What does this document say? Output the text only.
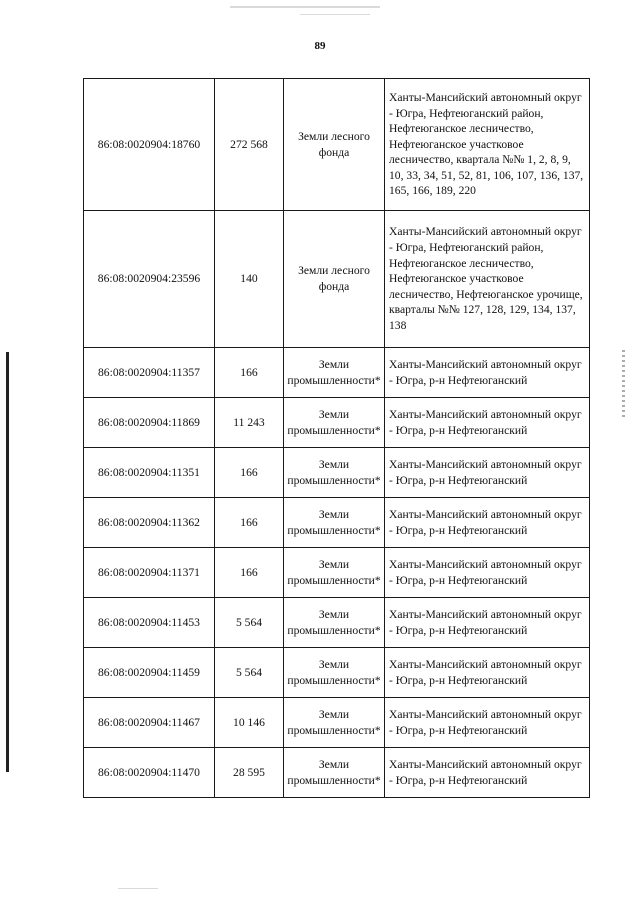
89
86:08:0020904:18760	272 568	Земли лесного фонда	Ханты-Мансийский автономный округ - Югра, Нефтеюганский район, Нефтеюганское лесничество, Нефтеюганское участковое лесничество, квартала №№ 1, 2, 8, 9, 10, 33, 34, 51, 52, 81, 106, 107, 136, 137, 165, 166, 189, 220
86:08:0020904:23596	140	Земли лесного фонда	Ханты-Мансийский автономный округ - Югра, Нефтеюганский район, Нефтеюганское лесничество, Нефтеюганское участковое лесничество, Нефтеюганское урочище, кварталы №№ 127, 128, 129, 134, 137, 138
86:08:0020904:11357	166	Земли промышленности*	Ханты-Мансийский автономный округ - Югра, р-н Нефтеюганский
86:08:0020904:11869	11 243	Земли промышленности*	Ханты-Мансийский автономный округ - Югра, р-н Нефтеюганский
86:08:0020904:11351	166	Земли промышленности*	Ханты-Мансийский автономный округ - Югра, р-н Нефтеюганский
86:08:0020904:11362	166	Земли промышленности*	Ханты-Мансийский автономный округ - Югра, р-н Нефтеюганский
86:08:0020904:11371	166	Земли промышленности*	Ханты-Мансийский автономный округ - Югра, р-н Нефтеюганский
86:08:0020904:11453	5 564	Земли промышленности*	Ханты-Мансийский автономный округ - Югра, р-н Нефтеюганский
86:08:0020904:11459	5 564	Земли промышленности*	Ханты-Мансийский автономный округ - Югра, р-н Нефтеюганский
86:08:0020904:11467	10 146	Земли промышленности*	Ханты-Мансийский автономный округ - Югра, р-н Нефтеюганский
86:08:0020904:11470	28 595	Земли промышленности*	Ханты-Мансийский автономный округ - Югра, р-н Нефтеюганский
